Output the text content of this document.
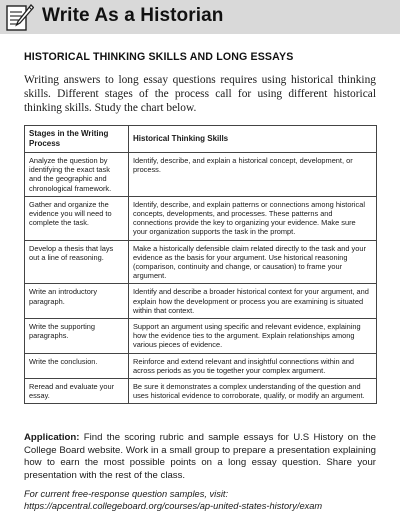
Write As a Historian
HISTORICAL THINKING SKILLS AND LONG ESSAYS

Writing answers to long essay questions requires using historical thinking skills. Different stages of the process call for using different historical thinking skills. Study the chart below.

Stages in the Writing Process	Historical Thinking Skills
Analyze the question by identifying the exact task and the geographic and chronological framework.	Identify, describe, and explain a historical concept, development, or process.
Gather and organize the evidence you will need to complete the task.	Identify, describe, and explain patterns or connections among historical concepts, developments, and processes. These patterns and connections provide the key to organizing your evidence. Make sure your organization supports the task in the prompt.
Develop a thesis that lays out a line of reasoning.	Make a historically defensible claim related directly to the task and your evidence as the basis for your argument. Use historical reasoning (comparison, continuity and change, or causation) to frame your argument.
Write an introductory paragraph.	Identify and describe a broader historical context for your argument, and explain how the development or process you are examining is situated within that context.
Write the supporting paragraphs.	Support an argument using specific and relevant evidence, explaining how the evidence ties to the argument. Explain relationships among various pieces of evidence.
Write the conclusion.	Reinforce and extend relevant and insightful connections within and across periods as you tie together your complex argument.
Reread and evaluate your essay.	Be sure it demonstrates a complex understanding of the question and uses historical evidence to corroborate, qualify, or modify an argument.

Application: Find the scoring rubric and sample essays for U.S History on the College Board website. Work in a small group to prepare a presentation explaining how to earn the most possible points on a long essay question. Share your presentation with the rest of the class.

For current free-response question samples, visit: https://apcentral.collegeboard.org/courses/ap-united-states-history/exam
